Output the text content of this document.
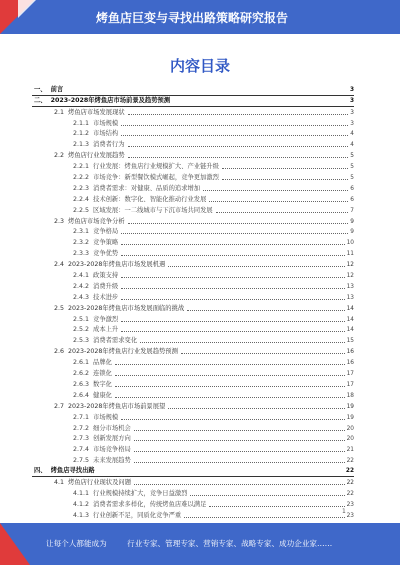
烤鱼店巨变与寻找出路策略研究报告
内容目录
一、 前言	3
二、 2023-2028年烤鱼店市场前景及趋势预测	3
2.1 烤鱼店市场发展现状	3
2.1.1 市场规模	3
2.1.2 市场结构	4
2.1.3 消费者行为	4
2.2 烤鱼店行业发展趋势	5
2.2.1 行业发展：烤鱼店行业规模扩大、产业链升级	5
2.2.2 市场竞争：新型餐饮模式崛起，竞争更加激烈	5
2.2.3 消费者需求：对健康、品质的追求增加	6
2.2.4 技术创新：数字化、智能化推动行业发展	6
2.2.5 区域发展：一二线城市与下沉市场共同发展	7
2.3 烤鱼店市场竞争分析	9
2.3.1 竞争格局	9
2.3.2 竞争策略	10
2.3.3 竞争优势	11
2.4 2023-2028年烤鱼店市场发展机遇	12
2.4.1 政策支持	12
2.4.2 消费升级	13
2.4.3 技术进步	13
2.5 2023-2028年烤鱼店市场发展面临的挑战	14
2.5.1 竞争激烈	14
2.5.2 成本上升	14
2.5.3 消费者需求变化	15
2.6 2023-2028年烤鱼店行业发展趋势预测	16
2.6.1 品牌化	16
2.6.2 连锁化	17
2.6.3 数字化	17
2.6.4 健康化	18
2.7 2023-2028年烤鱼店市场前景展望	19
2.7.1 市场规模	19
2.7.2 细分市场机会	20
2.7.3 创新发展方向	20
2.7.4 市场竞争格局	21
2.7.5 未来发展趋势	22
四、 烤鱼店寻找出路	22
4.1 烤鱼店行业现状及问题	22
4.1.1 行业规模持续扩大，竞争日益激烈	22
4.1.2 消费者需求多样化，传统烤鱼店难以满足	23
4.1.3 行业创新不足，同质化竞争严重	23
1
让每个人都能成为	行业专家、管理专家、营销专家、战略专家、成功企业家……
